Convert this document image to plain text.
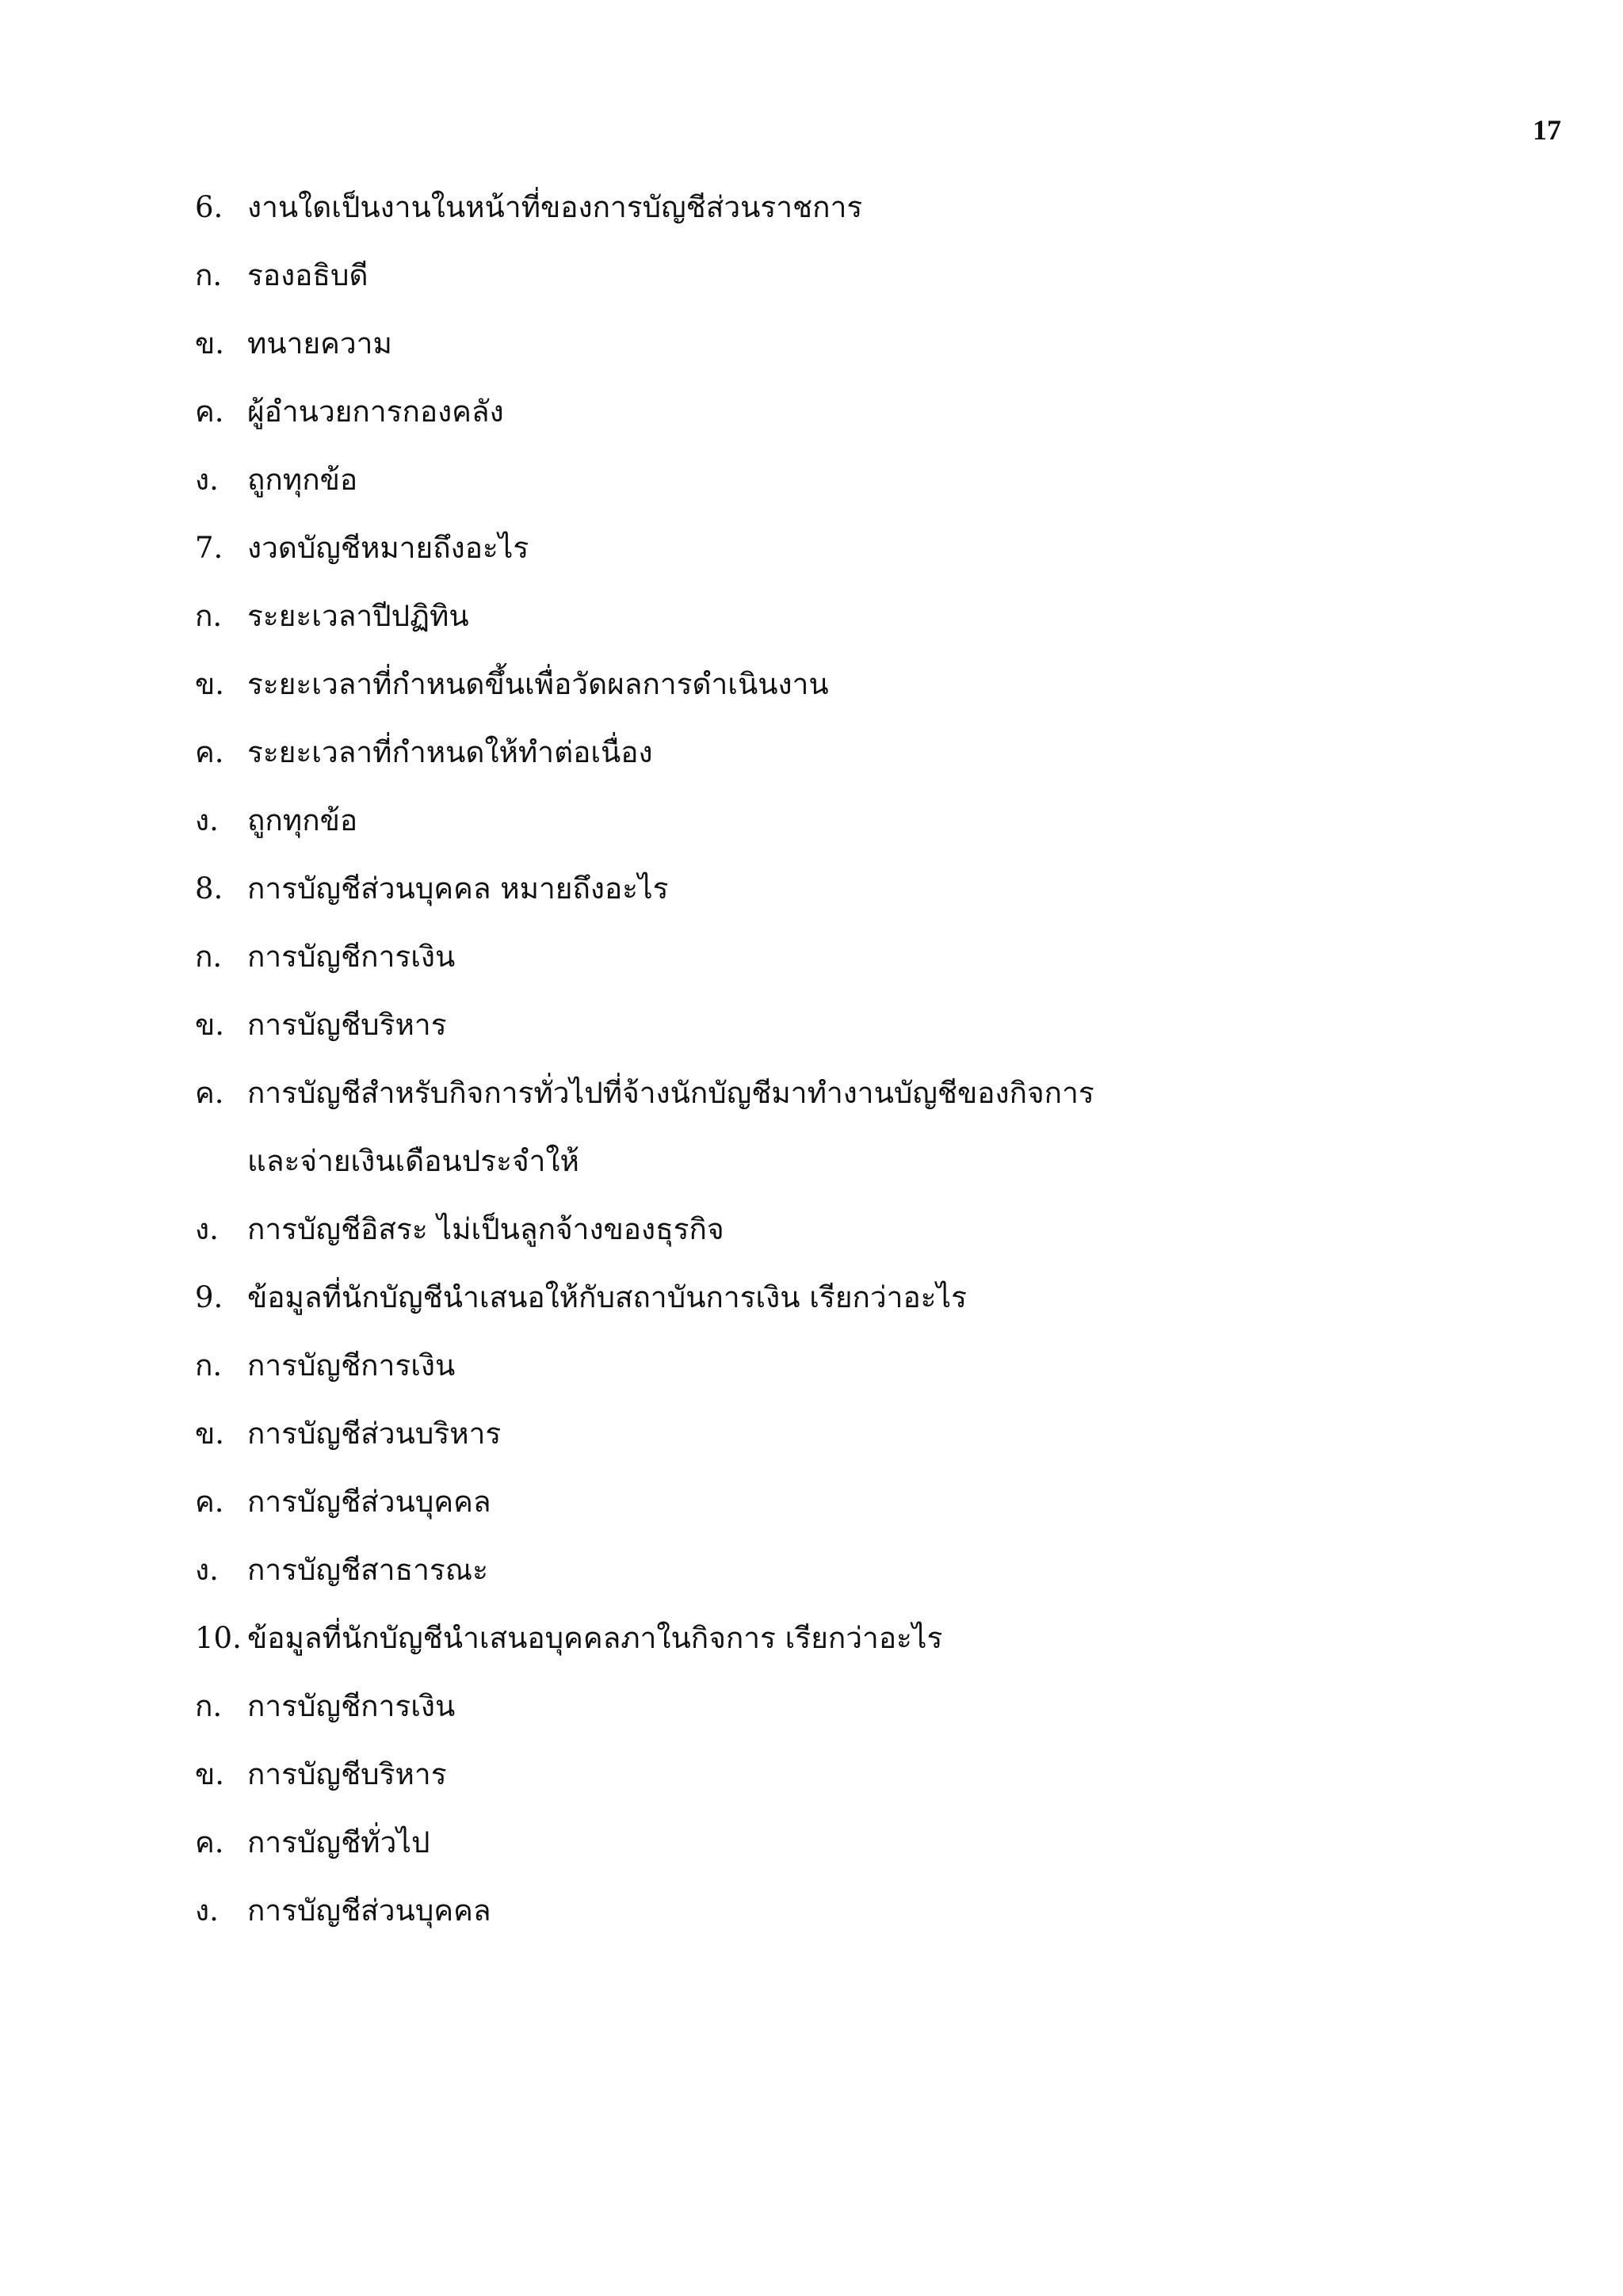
17
6. งานใดเป็นงานในหน้าที่ของการบัญชีส่วนราชการ
ก. รองอธิบดี
ข. ทนายความ
ค. ผู้อำนวยการกองคลัง
ง. ถูกทุกข้อ
7. งวดบัญชีหมายถึงอะไร
ก. ระยะเวลาปีปฏิทิน
ข. ระยะเวลาที่กำหนดขึ้นเพื่อวัดผลการดำเนินงาน
ค. ระยะเวลาที่กำหนดให้ทำต่อเนื่อง
ง. ถูกทุกข้อ
8. การบัญชีส่วนบุคคล หมายถึงอะไร
ก. การบัญชีการเงิน
ข. การบัญชีบริหาร
ค. การบัญชีสำหรับกิจการทั่วไปที่จ้างนักบัญชีมาทำงานบัญชีของกิจการ
และจ่ายเงินเดือนประจำให้
ง. การบัญชีอิสระ ไม่เป็นลูกจ้างของธุรกิจ
9. ข้อมูลที่นักบัญชีนำเสนอให้กับสถาบันการเงิน เรียกว่าอะไร
ก. การบัญชีการเงิน
ข. การบัญชีส่วนบริหาร
ค. การบัญชีส่วนบุคคล
ง. การบัญชีสาธารณะ
10. ข้อมูลที่นักบัญชีนำเสนอบุคคลภาในกิจการ เรียกว่าอะไร
ก. การบัญชีการเงิน
ข. การบัญชีบริหาร
ค. การบัญชีทั่วไป
ง. การบัญชีส่วนบุคคล
